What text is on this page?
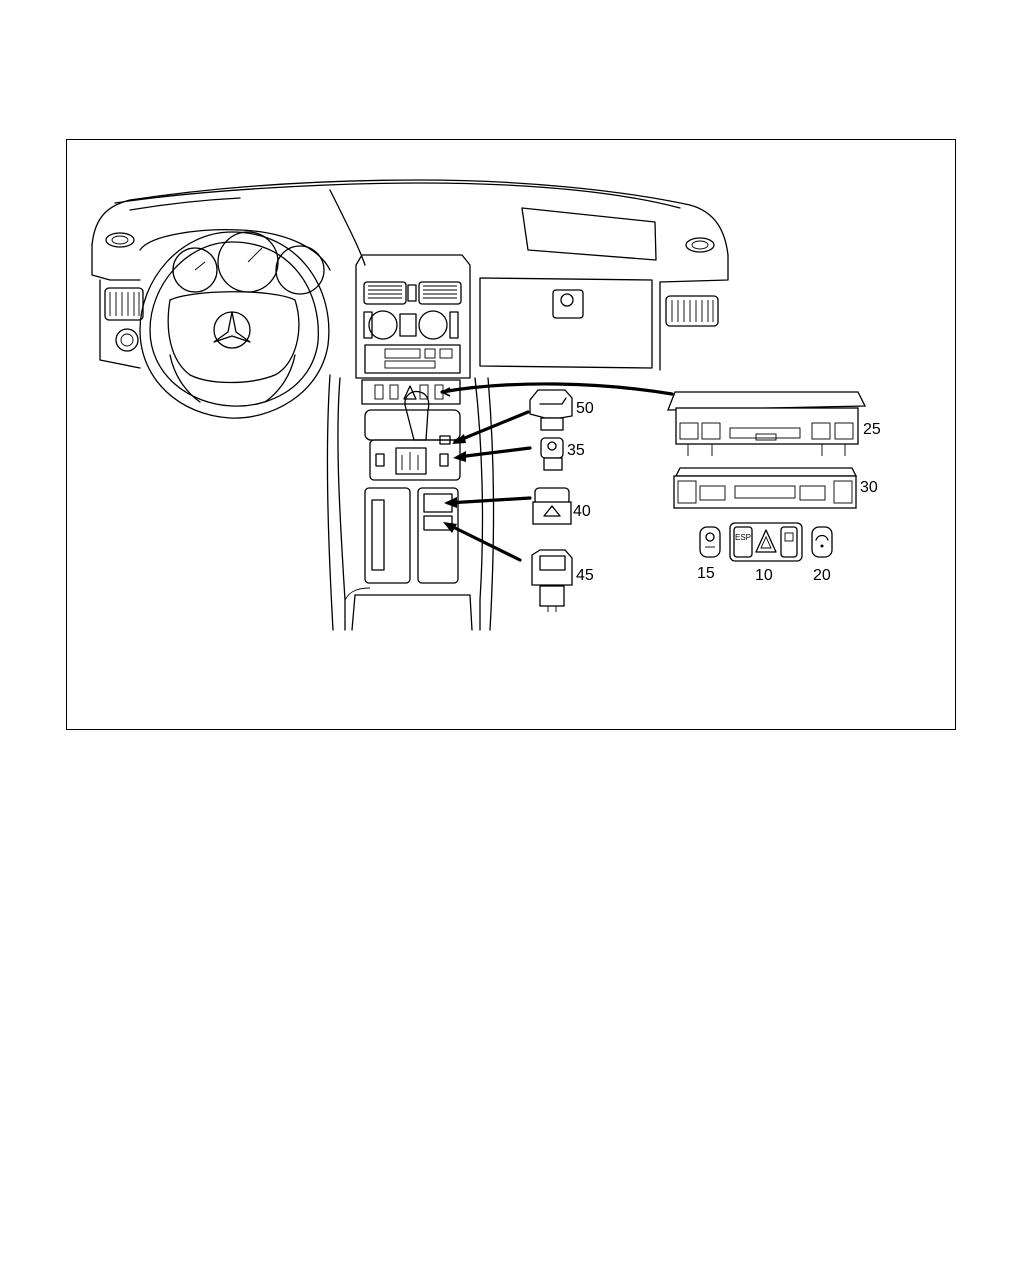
ESP
50
35
40
45
25
30
15	10	20
